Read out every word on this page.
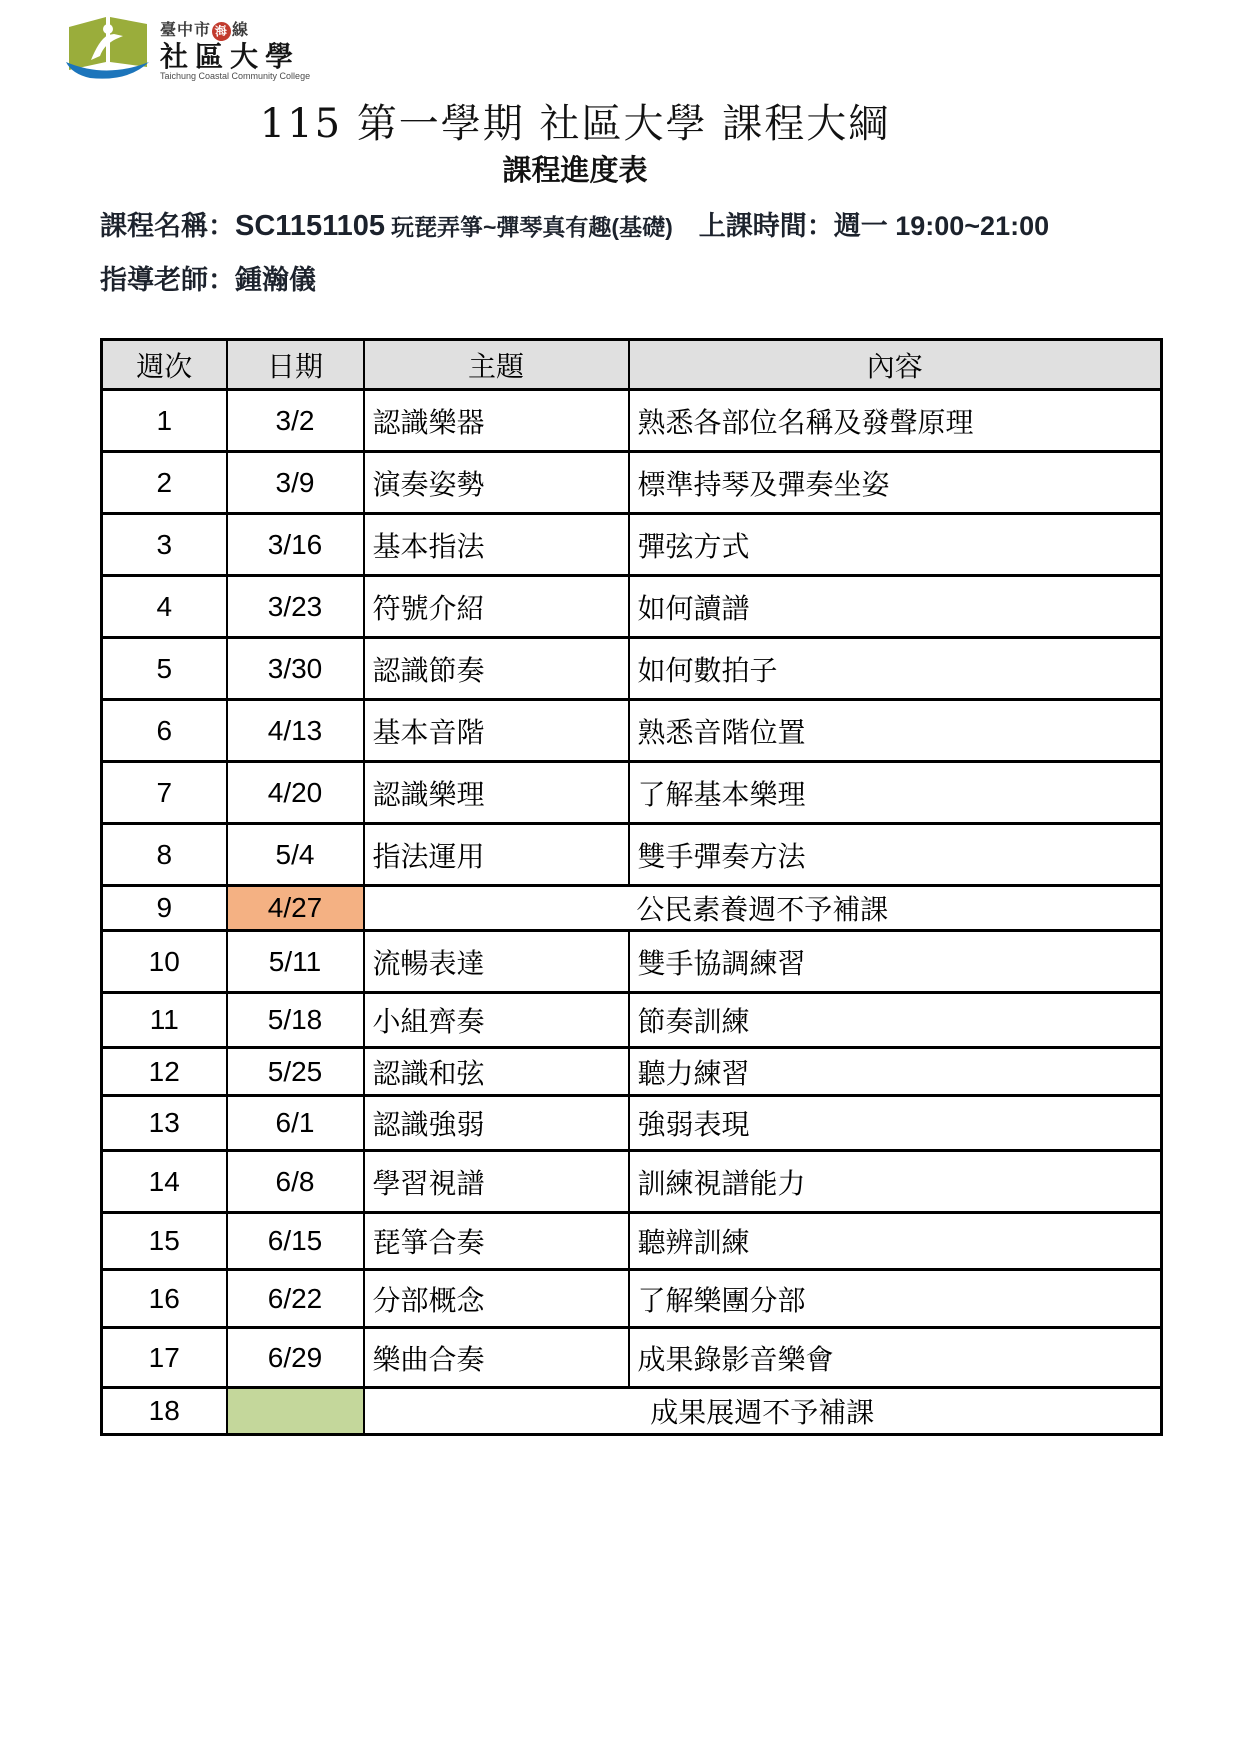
臺中市 海 線
社區大學
Taichung Coastal Community College
115 第一學期 社區大學 課程大綱
課程進度表
課程名稱：SC1151105 玩琵弄箏~彈琴真有趣(基礎) 上課時間：週一 19:00~21:00
指導老師：鍾瀚儀
週次	日期	主題	內容
1	3/2	認識樂器	熟悉各部位名稱及發聲原理
2	3/9	演奏姿勢	標準持琴及彈奏坐姿
3	3/16	基本指法	彈弦方式
4	3/23	符號介紹	如何讀譜
5	3/30	認識節奏	如何數拍子
6	4/13	基本音階	熟悉音階位置
7	4/20	認識樂理	了解基本樂理
8	5/4	指法運用	雙手彈奏方法
9	4/27	公民素養週不予補課	
10	5/11	流暢表達	雙手協調練習
11	5/18	小組齊奏	節奏訓練
12	5/25	認識和弦	聽力練習
13	6/1	認識強弱	強弱表現
14	6/8	學習視譜	訓練視譜能力
15	6/15	琵箏合奏	聽辨訓練
16	6/22	分部概念	了解樂團分部
17	6/29	樂曲合奏	成果錄影音樂會
18		成果展週不予補課	
